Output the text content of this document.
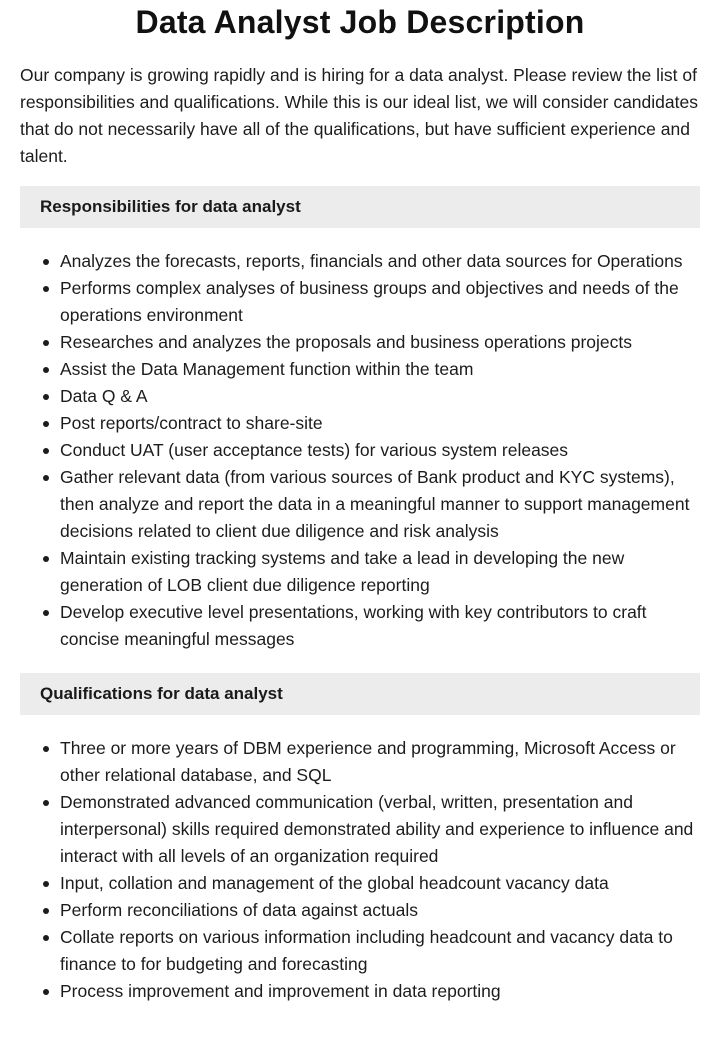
Data Analyst Job Description

Our company is growing rapidly and is hiring for a data analyst. Please review the list of responsibilities and qualifications. While this is our ideal list, we will consider candidates that do not necessarily have all of the qualifications, but have sufficient experience and talent.

Responsibilities for data analyst
Analyzes the forecasts, reports, financials and other data sources for Operations
Performs complex analyses of business groups and objectives and needs of the operations environment
Researches and analyzes the proposals and business operations projects
Assist the Data Management function within the team
Data Q & A
Post reports/contract to share-site
Conduct UAT (user acceptance tests) for various system releases
Gather relevant data (from various sources of Bank product and KYC systems), then analyze and report the data in a meaningful manner to support management decisions related to client due diligence and risk analysis
Maintain existing tracking systems and take a lead in developing the new generation of LOB client due diligence reporting
Develop executive level presentations, working with key contributors to craft concise meaningful messages
Qualifications for data analyst
Three or more years of DBM experience and programming, Microsoft Access or other relational database, and SQL
Demonstrated advanced communication (verbal, written, presentation and interpersonal) skills required demonstrated ability and experience to influence and interact with all levels of an organization required
Input, collation and management of the global headcount vacancy data
Perform reconciliations of data against actuals
Collate reports on various information including headcount and vacancy data to finance to for budgeting and forecasting
Process improvement and improvement in data reporting
